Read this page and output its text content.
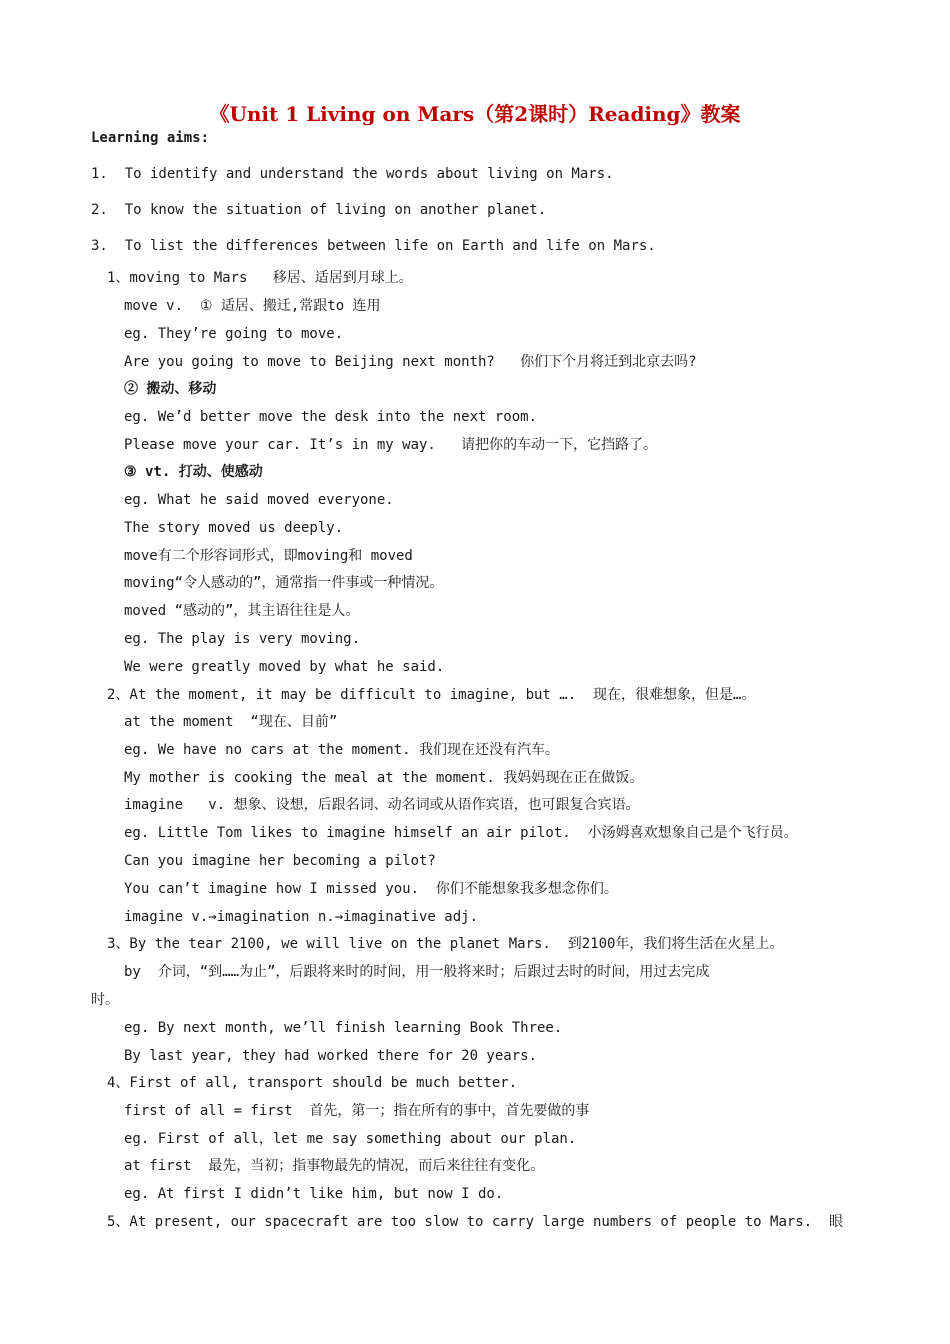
《Unit 1 Living on Mars（第2课时）Reading》教案
Learning aims:
1.  To identify and understand the words about living on Mars.
2.  To know the situation of living on another planet.
3.  To list the differences between life on Earth and life on Mars.
1、moving to Mars   移居、适居到月球上。
move v.  ① 适居、搬迁,常跟to 连用
eg. They’re going to move.
Are you going to move to Beijing next month?   你们下个月将迁到北京去吗?
② 搬动、移动
eg. We’d better move the desk into the next room.
Please move your car. It’s in my way.   请把你的车动一下，它挡路了。
③ vt. 打动、使感动
eg. What he said moved everyone.
The story moved us deeply.
move有二个形容词形式，即moving和 moved
moving“令人感动的”，通常指一件事或一种情况。
moved “感动的”，其主语往往是人。
eg. The play is very moving.
We were greatly moved by what he said.
2、At the moment, it may be difficult to imagine, but ….  现在，很难想象，但是…。
at the moment  “现在、目前”
eg. We have no cars at the moment. 我们现在还没有汽车。
My mother is cooking the meal at the moment. 我妈妈现在正在做饭。
imagine   v. 想象、设想，后跟名词、动名词或从语作宾语，也可跟复合宾语。
eg. Little Tom likes to imagine himself an air pilot.  小汤姆喜欢想象自己是个飞行员。
Can you imagine her becoming a pilot?
You can’t imagine how I missed you.  你们不能想象我多想念你们。
imagine v.→imagination n.→imaginative adj.
3、By the tear 2100, we will live on the planet Mars.  到2100年，我们将生活在火星上。
by  介词，“到……为止”，后跟将来时的时间，用一般将来时；后跟过去时的时间，用过去完成
时。
eg. By next month, we’ll finish learning Book Three.
By last year, they had worked there for 20 years.
4、First of all, transport should be much better.
first of all = first  首先，第一；指在所有的事中，首先要做的事
eg. First of all，let me say something about our plan.
at first  最先，当初；指事物最先的情况，而后来往往有变化。
eg. At first I didn’t like him, but now I do.
5、At present, our spacecraft are too slow to carry large numbers of people to Mars.  眼
